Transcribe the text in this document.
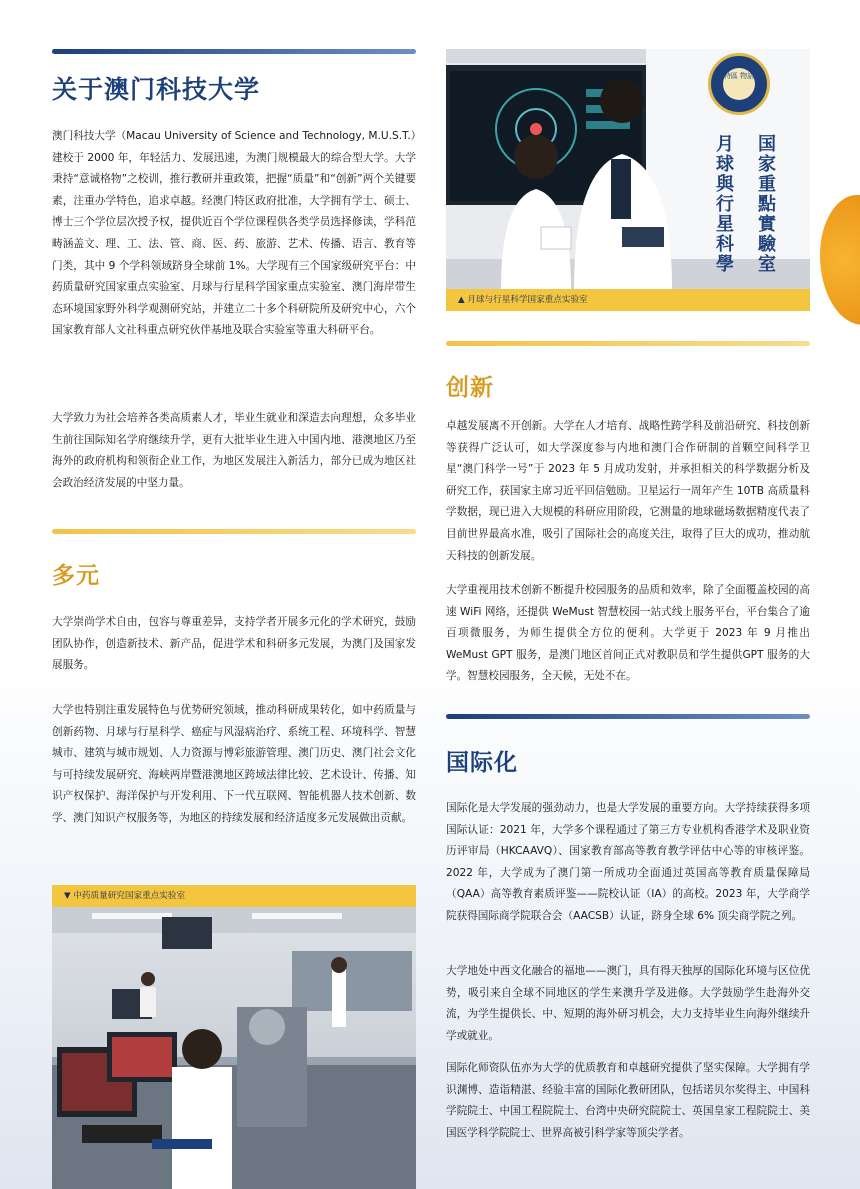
关于澳门科技大学

澳门科技大学（Macau University of Science and Technology, M.U.S.T.）建校于 2000 年，年轻活力、发展迅速，为澳门规模最大的综合型大学。大学秉持“意诚格物”之校训，推行教研并重政策，把握“质量”和“创新”两个关键要素，注重办学特色，追求卓越。经澳门特区政府批准，大学拥有学士、硕士、博士三个学位层次授予权，提供近百个学位课程供各类学员选择修读，学科范畴涵盖文、理、工、法、管、商、医、药、旅游、艺术、传播、语言、教育等门类，其中 9 个学科领域跻身全球前 1%。大学现有三个国家级研究平台：中药质量研究国家重点实验室、月球与行星科学国家重点实验室、澳门海岸带生态环境国家野外科学观测研究站，并建立二十多个科研院所及研究中心，六个国家教育部人文社科重点研究伙伴基地及联合实验室等重大科研平台。

大学致力为社会培养各类高质素人才，毕业生就业和深造去向理想，众多毕业生前往国际知名学府继续升学，更有大批毕业生进入中国内地、港澳地区乃至海外的政府机构和领衔企业工作，为地区发展注入新活力，部分已成为地区社会政治经济发展的中坚力量。

多元

大学崇尚学术自由，包容与尊重差异，支持学者开展多元化的学术研究，鼓励团队协作，创造新技术、新产品，促进学术和科研多元发展，为澳门及国家发展服务。

大学也特别注重发展特色与优势研究领域，推动科研成果转化，如中药质量与创新药物、月球与行星科学、癌症与风湿病治疗、系统工程、环境科学、智慧城市、建筑与城市规划、人力资源与博彩旅游管理、澳门历史、澳门社会文化与可持续发展研究、海峡两岸暨港澳地区跨域法律比较、艺术设计、传播、知识产权保护、海洋保护与开发利用、下一代互联网、智能机器人技术创新、数学、澳门知识产权服务等，为地区的持续发展和经济适度多元发展做出贡献。

▼ 中药质量研究国家重点实验室
特區 物語
国家重點實驗室
月球與行星科學
▲ 月球与行星科学国家重点实验室
创新

卓越发展离不开创新。大学在人才培育、战略性跨学科及前沿研究、科技创新等获得广泛认可，如大学深度参与内地和澳门合作研制的首颗空间科学卫星“澳门科学一号”于 2023 年 5 月成功发射，并承担相关的科学数据分析及研究工作，获国家主席习近平回信勉励。卫星运行一周年产生 10TB 高质量科学数据，现已进入大规模的科研应用阶段，它测量的地球磁场数据精度代表了目前世界最高水准，吸引了国际社会的高度关注，取得了巨大的成功，推动航天科技的创新发展。

大学重视用技术创新不断提升校园服务的品质和效率，除了全面覆盖校园的高速 WiFi 网络，还提供 WeMust 智慧校园一站式线上服务平台，平台集合了逾百项微服务，为师生提供全方位的便利。大学更于 2023 年 9 月推出 WeMust GPT 服务，是澳门地区首间正式对教职员和学生提供GPT 服务的大学。智慧校园服务，全天候，无处不在。

国际化

国际化是大学发展的强劲动力，也是大学发展的重要方向。大学持续获得多项国际认证：2021 年，大学多个课程通过了第三方专业机构香港学术及职业资历评审局（HKCAAVQ）、国家教育部高等教育教学评估中心等的审核评鉴。2022 年，大学成为了澳门第一所成功全面通过英国高等教育质量保障局（QAA）高等教育素质评鉴——院校认证（IA）的高校。2023 年，大学商学院获得国际商学院联合会（AACSB）认证，跻身全球 6% 顶尖商学院之列。

大学地处中西文化融合的福地——澳门，具有得天独厚的国际化环境与区位优势，吸引来自全球不同地区的学生来澳升学及进修。大学鼓励学生赴海外交流，为学生提供长、中、短期的海外研习机会，大力支持毕业生向海外继续升学或就业。

国际化师资队伍亦为大学的优质教育和卓越研究提供了坚实保障。大学拥有学识渊博、造诣精湛、经验丰富的国际化教研团队，包括诺贝尔奖得主、中国科学院院士、中国工程院院士、台湾中央研究院院士、英国皇家工程院院士、美国医学科学院院士、世界高被引科学家等顶尖学者。
